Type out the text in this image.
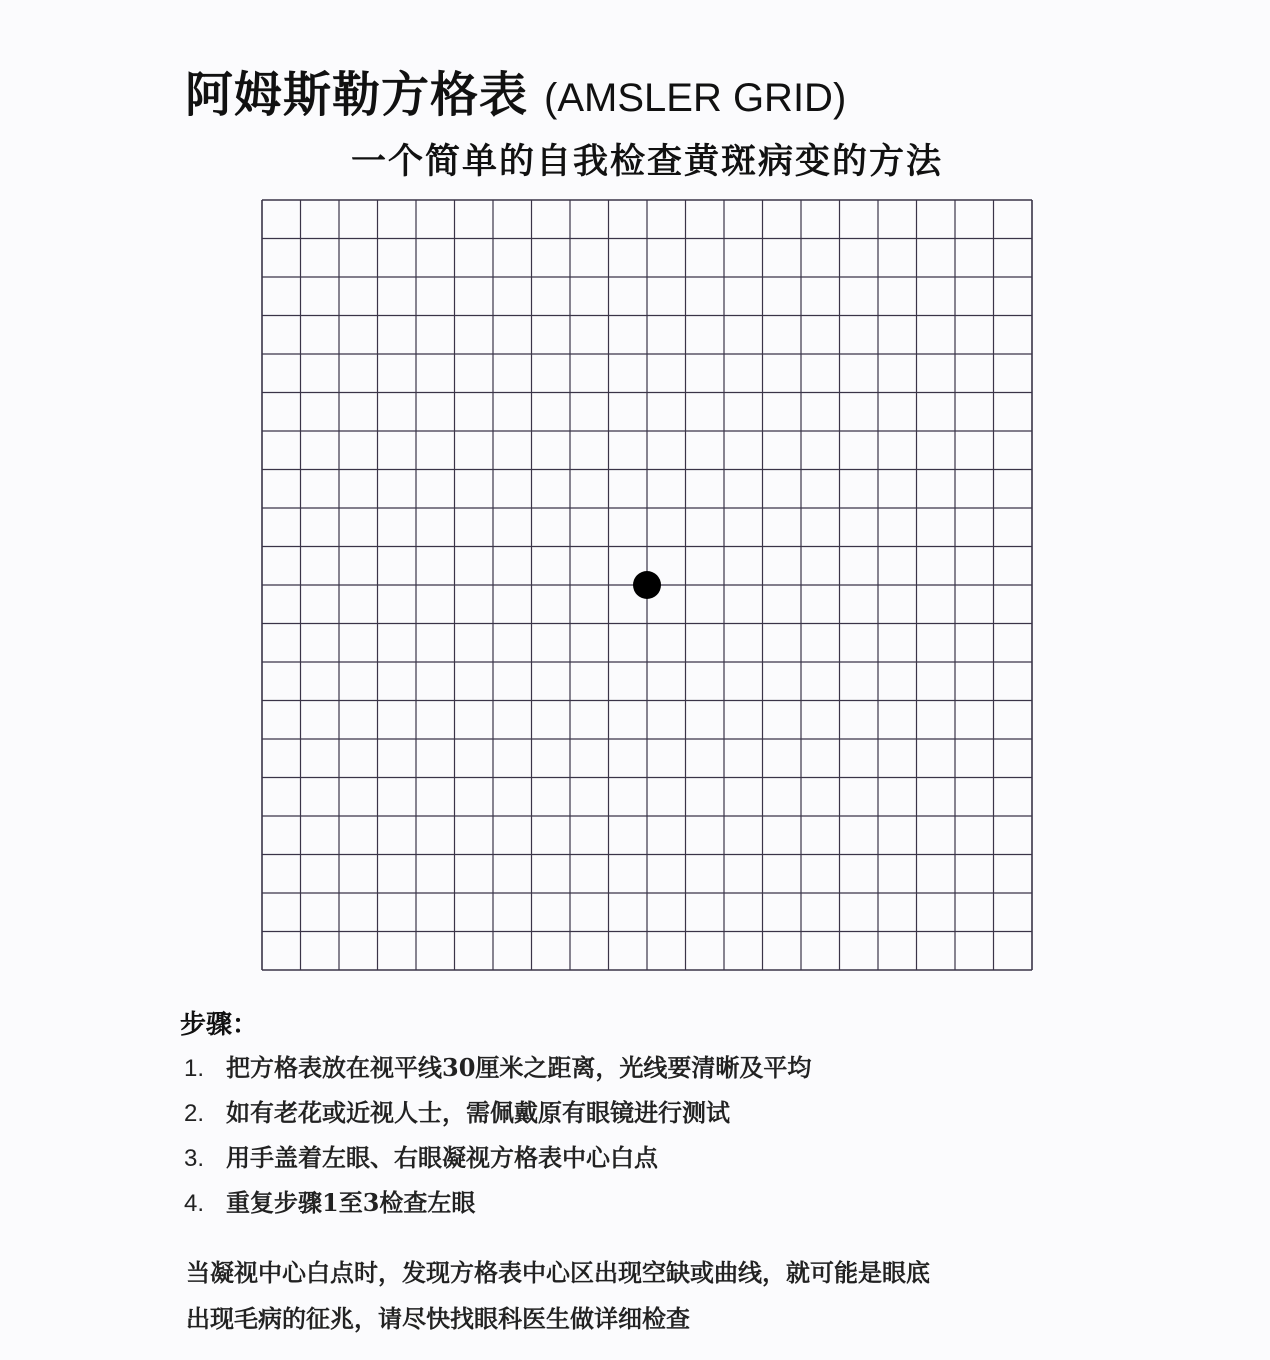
阿姆斯勒方格表 (AMSLER GRID)
一个简单的自我检查黄斑病变的方法
步骤：
1. 把方格表放在视平线30厘米之距离，光线要清晰及平均
2. 如有老花或近视人士，需佩戴原有眼镜进行测试
3. 用手盖着左眼、右眼凝视方格表中心白点
4. 重复步骤1至3检查左眼
当凝视中心白点时，发现方格表中心区出现空缺或曲线，就可能是眼底
出现毛病的征兆，请尽快找眼科医生做详细检查
